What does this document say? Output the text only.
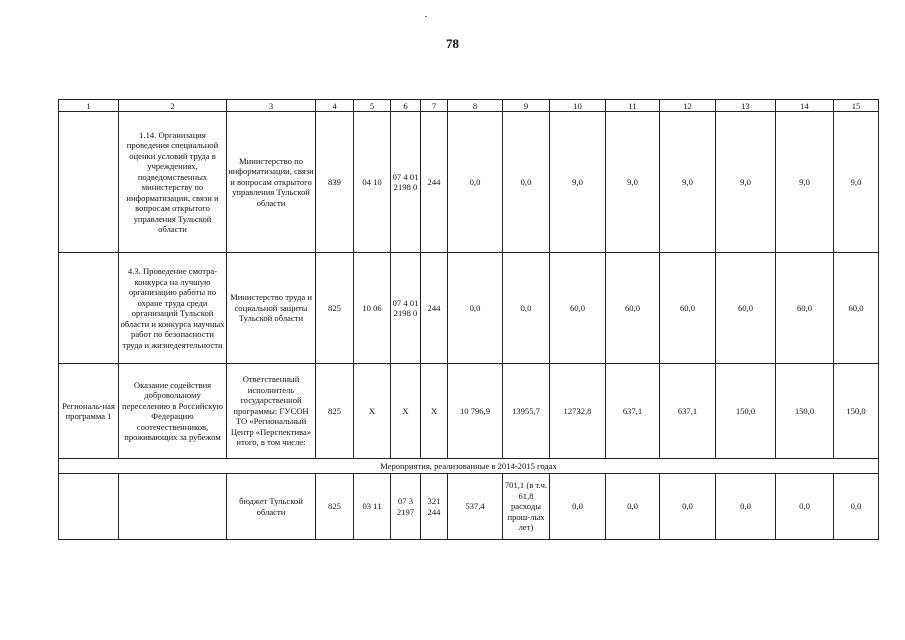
78
1	2	3	4	5	6	7	8	9	10	11	12	13	14	15
	1.14. Организация проведения специальной оценки условий труда в учреждениях, подведомственных министерству по информатизации, связи и вопросам открытого управления Тульской области	Министерство по информатизации, связи и вопросам открытого управления Тульской области	839	04 10	07 4 01 2198 0	244	0,0	0,0	9,0	9,0	9,0	9,0	9,0	9,0
	4.3. Проведение смотра-конкурса на лучшую организацию работы по охране труда среди организаций Тульской области и конкурса научных работ по безопасности труда и жизнедеятельности	Министерство труда и социальной защиты Тульской области	825	10 06	07 4 01 2198 0	244	0,0	0,0	60,0	60,0	60,0	60,0	60,0	60,0
Региональ-ная программа 1	Оказание содействия добровольному переселению в Российскую Федерацию соотечественников, проживающих за рубежом	Ответственный исполнитель государственной программы: ГУСОН ТО «Региональный Центр «Перспектива» итого, в том числе:	825	Х	Х	Х	10 796,9	13955,7	12732,8	637,1	637,1	150,0	150,0	150,0
Мероприятия, реализованные в 2014-2015 годах														
		бюджет Тульской области	825	03 11	07 3 2197	321 244	537,4	701,1 (в т.ч. 61,8 расходы прош-лых лет)	0,0	0,0	0,0	0,0	0,0	0,0
